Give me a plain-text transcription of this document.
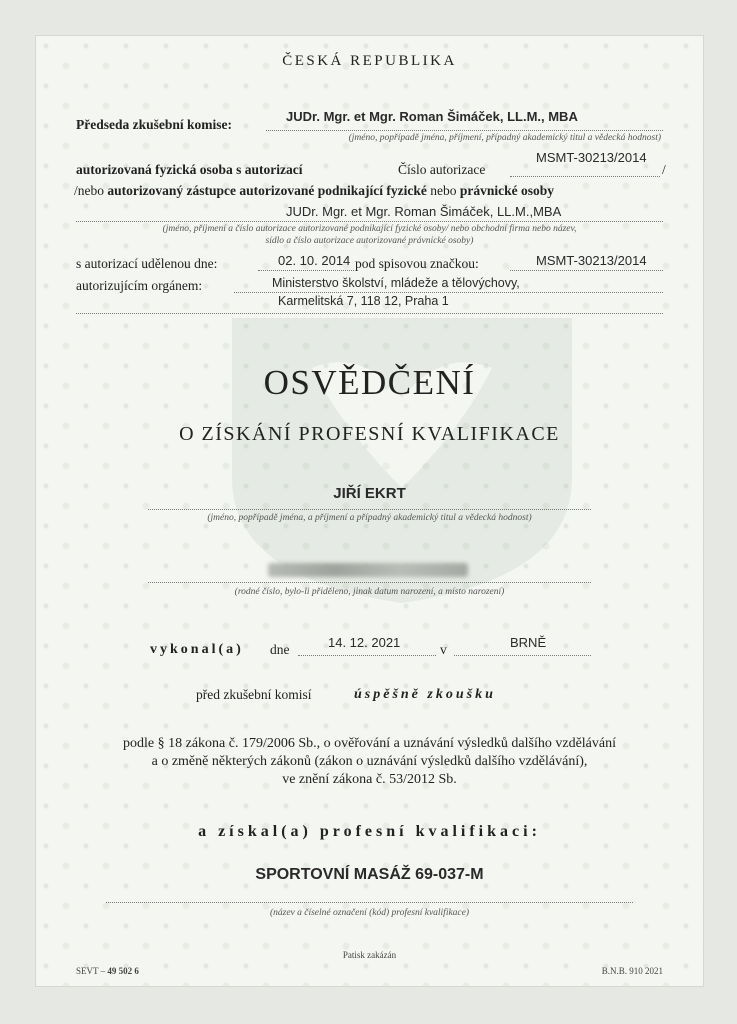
ČESKÁ REPUBLIKA
JUDr. Mgr. et Mgr. Roman Šimáček, LL.M., MBA
Předseda zkušební komise:
(jméno, popřípadě jména, příjmení, případný akademický titul a vědecká hodnost)
autorizovaná fyzická osoba s autorizací	Číslo autorizace
MSMT-30213/2014
/
/nebo autorizovaný zástupce autorizované podnikající fyzické nebo právnické osoby
JUDr. Mgr. et Mgr. Roman Šimáček, LL.M.,MBA
(jméno, příjmení a číslo autorizace autorizované podnikající fyzické osoby/ nebo obchodní firma nebo název,
sídlo a číslo autorizace autorizované právnické osoby)
s autorizací udělenou dne:	02. 10. 2014 pod spisovou značkou:	MSMT-30213/2014
autorizujícím orgánem:	Ministerstvo školství, mládeže a tělovýchovy,
Karmelitská 7, 118 12, Praha 1
OSVĚDČENÍ
O ZÍSKÁNÍ PROFESNÍ KVALIFIKACE
JIŘÍ EKRT
(jméno, popřípadě jména, a příjmení a případný akademický titul a vědecká hodnost)
(rodné číslo, bylo-li přiděleno, jinak datum narození, a místo narození)
vykonal(a) dne	14. 12. 2021	v	BRNĚ
před zkušební komisí	úspěšně zkoušku
podle § 18 zákona č. 179/2006 Sb., o ověřování a uznávání výsledků dalšího vzdělávání
a o změně některých zákonů (zákon o uznávání výsledků dalšího vzdělávání),
ve znění zákona č. 53/2012 Sb.
a získal(a) profesní kvalifikaci:
SPORTOVNÍ MASÁŽ 69-037-M
(název a číselné označení (kód) profesní kvalifikace)
Patisk zakázán
SEVT – 49 502 6	B.N.B. 910 2021
